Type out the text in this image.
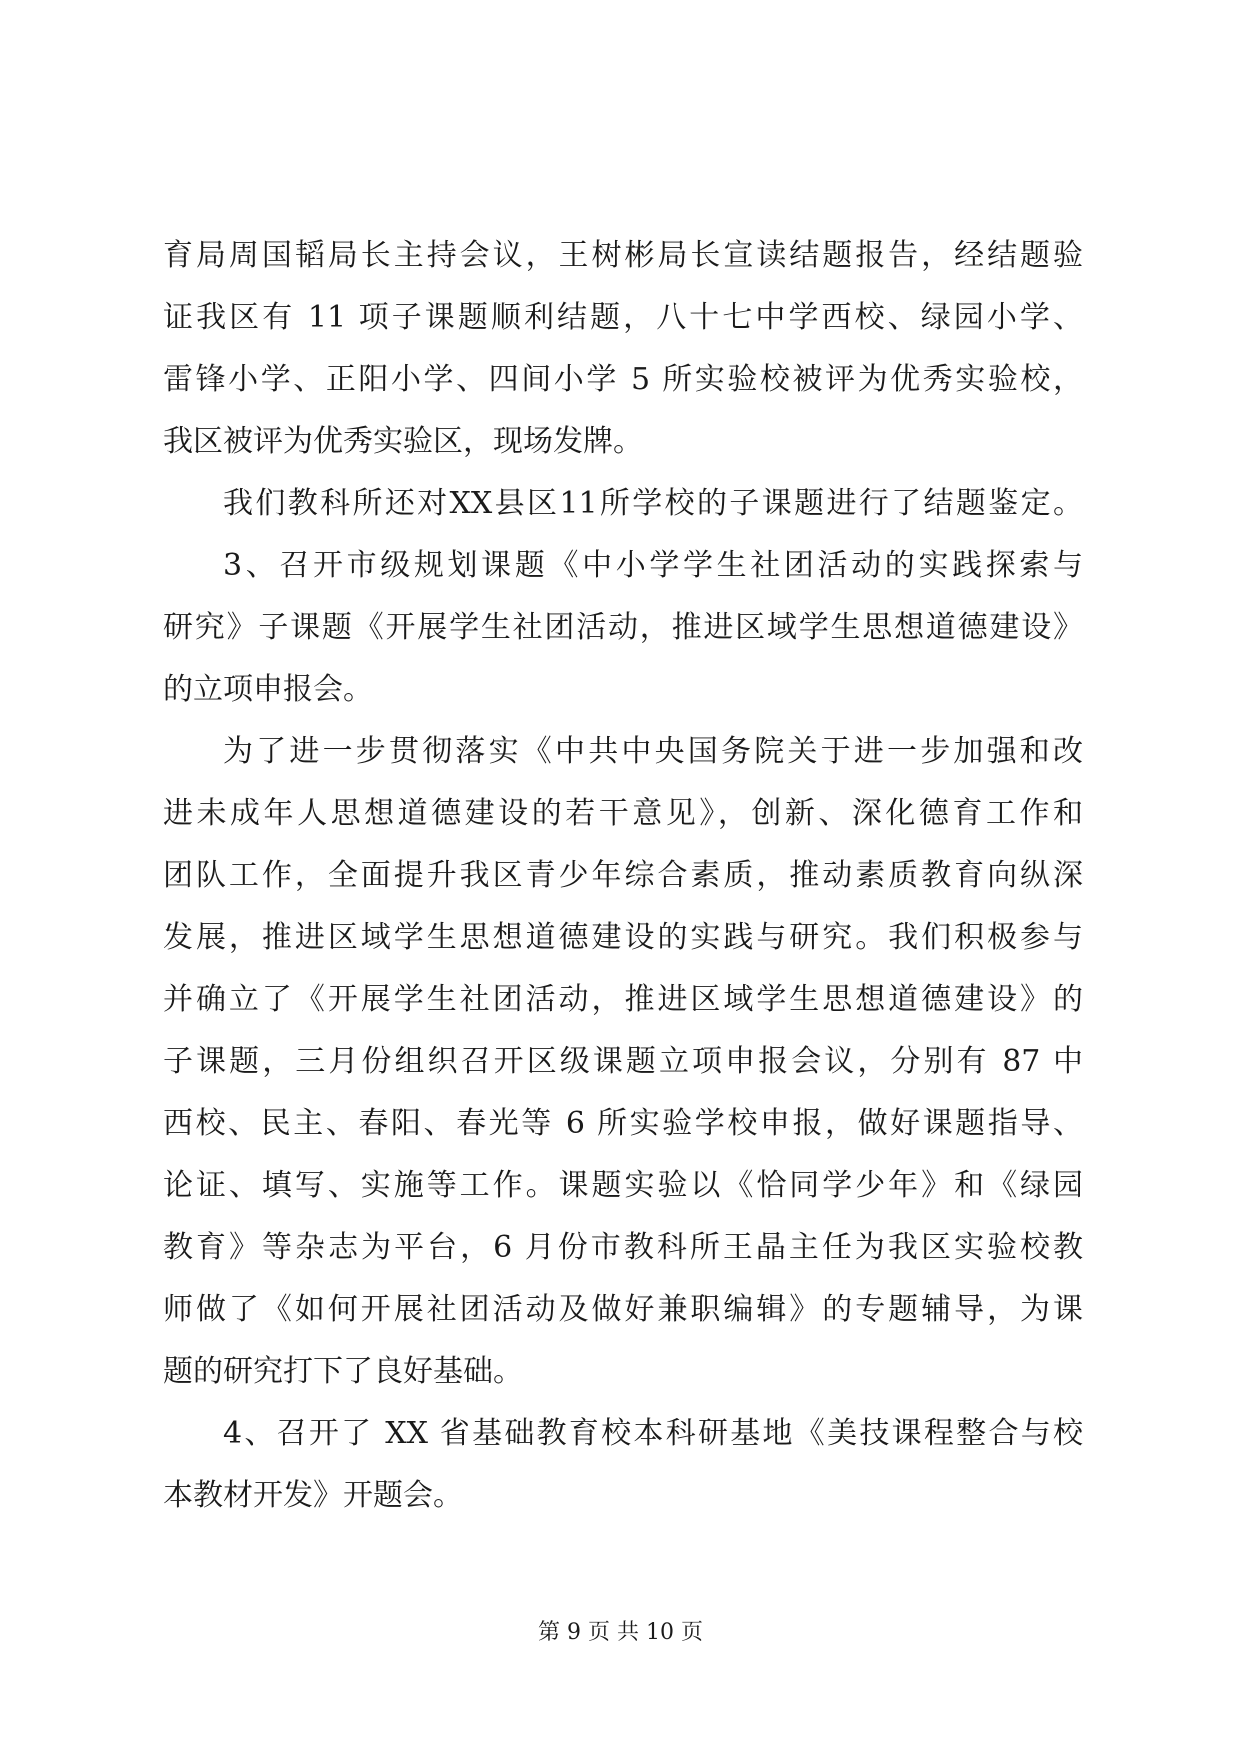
育局周国韬局长主持会议，王树彬局长宣读结题报告，经结题验
证我区有 11 项子课题顺利结题，八十七中学西校、绿园小学、
雷锋小学、正阳小学、四间小学 5 所实验校被评为优秀实验校，
我区被评为优秀实验区，现场发牌。
我们教科所还对XX县区11所学校的子课题进行了结题鉴定。
3、召开市级规划课题《中小学学生社团活动的实践探索与
研究》子课题《开展学生社团活动，推进区域学生思想道德建设》
的立项申报会。
为了进一步贯彻落实《中共中央国务院关于进一步加强和改
进未成年人思想道德建设的若干意见》，创新、深化德育工作和
团队工作，全面提升我区青少年综合素质，推动素质教育向纵深
发展，推进区域学生思想道德建设的实践与研究。我们积极参与
并确立了《开展学生社团活动，推进区域学生思想道德建设》的
子课题，三月份组织召开区级课题立项申报会议，分别有 87 中
西校、民主、春阳、春光等 6 所实验学校申报，做好课题指导、
论证、填写、实施等工作。课题实验以《恰同学少年》和《绿园
教育》等杂志为平台，6 月份市教科所王晶主任为我区实验校教
师做了《如何开展社团活动及做好兼职编辑》的专题辅导，为课
题的研究打下了良好基础。
4、召开了 XX 省基础教育校本科研基地《美技课程整合与校
本教材开发》开题会。
第 9 页 共 10 页
